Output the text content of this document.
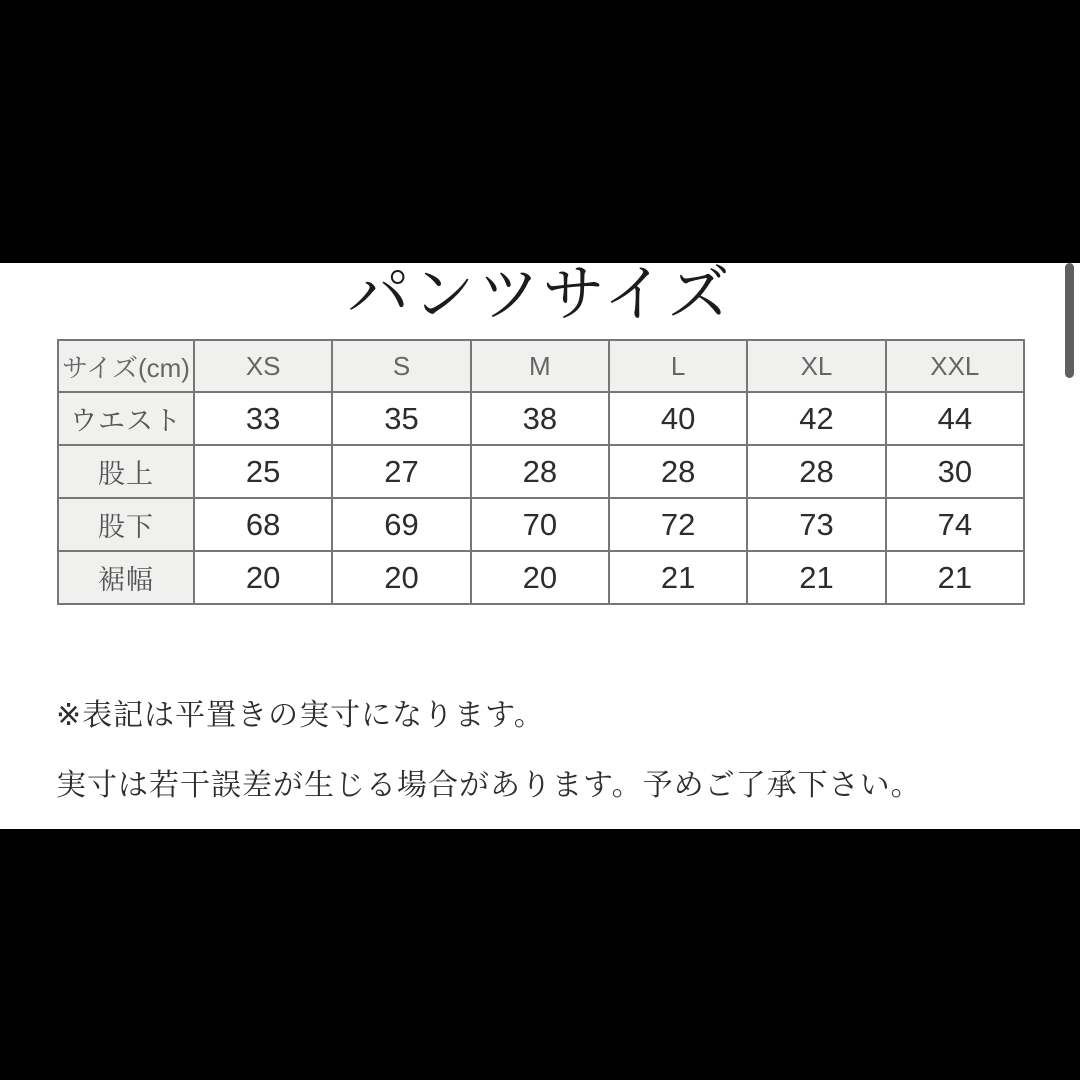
パンツサイズ
サイズ(cm)	XS	S	M	L	XL	XXL
ウエスト	33	35	38	40	42	44
股上	25	27	28	28	28	30
股下	68	69	70	72	73	74
裾幅	20	20	20	21	21	21

※表記は平置きの実寸になります。

実寸は若干誤差が生じる場合があります。予めご了承下さい。
